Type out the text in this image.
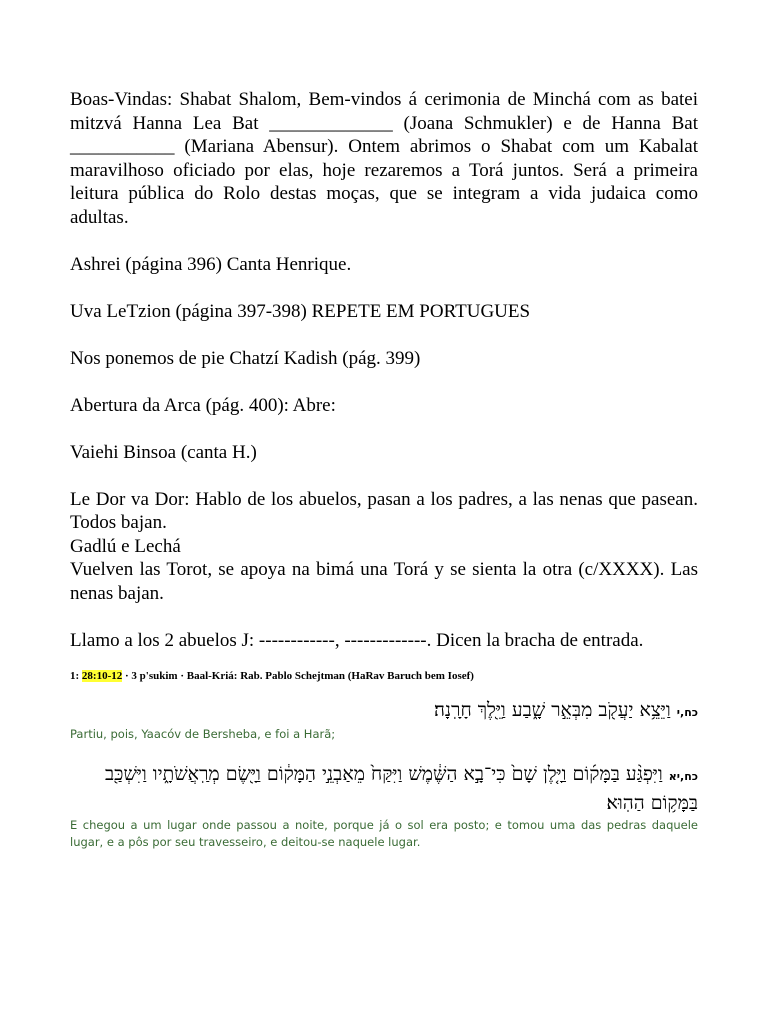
Boas-Vindas: Shabat Shalom, Bem-vindos á cerimonia de Minchá com as batei mitzvá Hanna Lea Bat _____________ (Joana Schmukler) e de Hanna Bat ___________ (Mariana Abensur). Ontem abrimos o Shabat com um Kabalat maravilhoso oficiado por elas, hoje rezaremos a Torá juntos. Será a primeira leitura pública do Rolo destas moças, que se integram a vida judaica como adultas.

Ashrei (página 396) Canta Henrique.

Uva LeTzion (página 397-398) REPETE EM PORTUGUES

Nos ponemos de pie Chatzí Kadish (pág. 399)

Abertura da Arca (pág. 400): Abre:

Vaiehi Binsoa (canta H.)

Le Dor va Dor: Hablo de los abuelos, pasan a los padres, a las nenas que pasean. Todos bajan.

Gadlú e Lechá

Vuelven las Torot, se apoya na bimá una Torá y se sienta la otra (c/XXXX). Las nenas bajan.

Llamo a los 2 abuelos J: ------------, -------------. Dicen la bracha de entrada.

1: 28:10-12 · 3 p'sukim · Baal-Kriá: Rab. Pablo Schejtman (HaRav Baruch bem Iosef)
כח,י וַיֵּצֵ֥א יַעֲקֹ֖ב מִבְּאֵ֣ר שָׁ֑בַע וַיֵּ֖לֶךְ חָרָֽנָה׃
Partiu, pois, Yaacóv de Bersheba, e foi a Harã;
כח,יא וַיִּפְגַּ֨ע בַּמָּק֜וֹם וַיָּ֤לֶן שָׁם֙ כִּי־בָ֣א הַשֶּׁ֔מֶשׁ וַיִּקַּח֙ מֵאַבְנֵ֣י הַמָּק֔וֹם וַיָּ֖שֶׂם מְרַֽאֲשֹׁתָ֑יו וַיִּשְׁכַּ֖ב בַּמָּק֥וֹם הַהֽוּא׃
E chegou a um lugar onde passou a noite, porque já o sol era posto; e tomou uma das pedras daquele lugar, e a pôs por seu travesseiro, e deitou-se naquele lugar.
